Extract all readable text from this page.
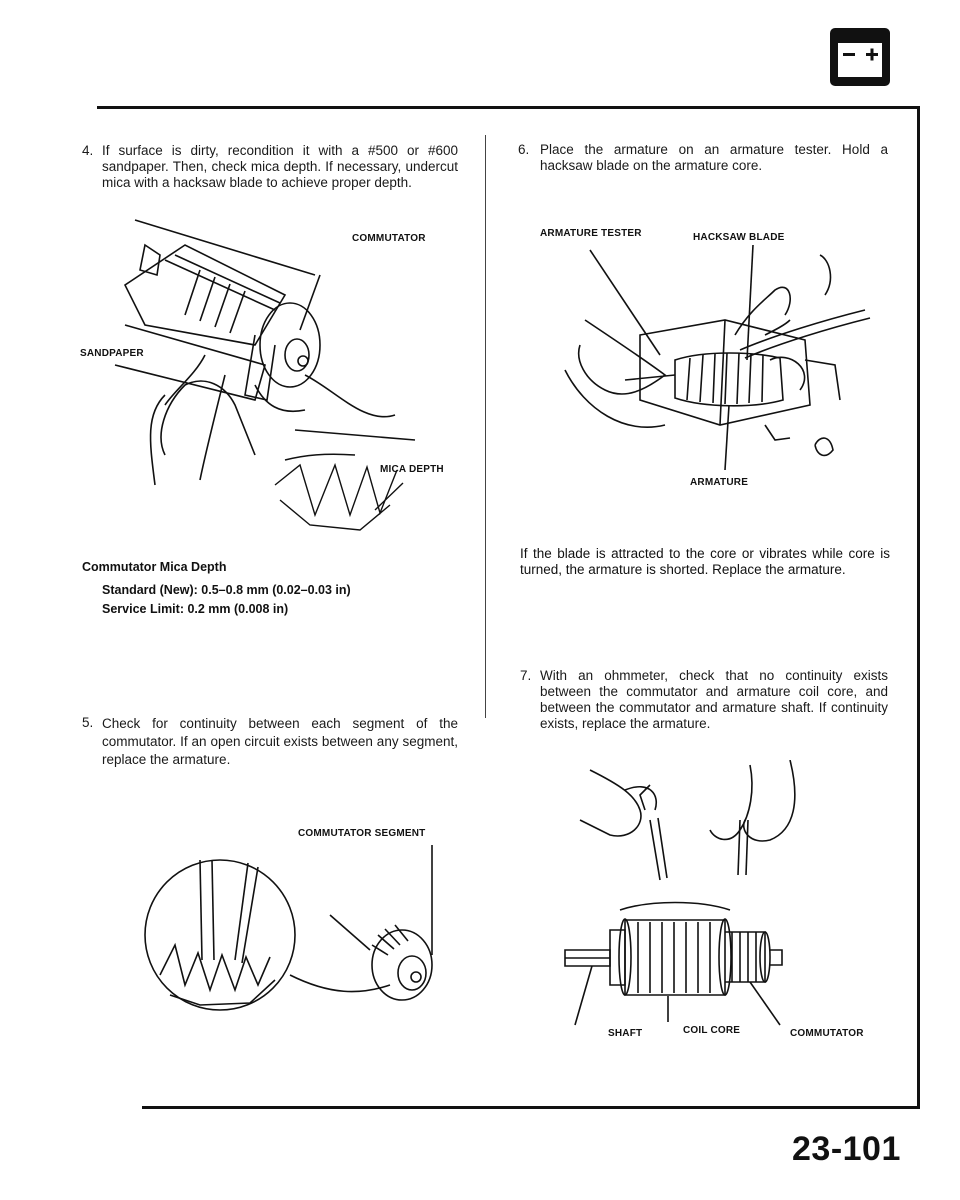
4. If surface is dirty, recondition it with a #500 or #600 sandpaper. Then, check mica depth. If necessary, undercut mica with a hacksaw blade to achieve proper depth.
COMMUTATOR
SANDPAPER
MICA DEPTH
Commutator Mica Depth
Standard (New): 0.5–0.8 mm (0.02–0.03 in)
Service Limit: 0.2 mm (0.008 in)
5. Check for continuity between each segment of the commutator. If an open circuit exists between any segment, replace the armature.
COMMUTATOR SEGMENT
6. Place the armature on an armature tester. Hold a hacksaw blade on the armature core.
ARMATURE TESTER	HACKSAW BLADE
ARMATURE
If the blade is attracted to the core or vibrates while core is turned, the armature is shorted. Replace the armature.
7. With an ohmmeter, check that no continuity exists between the commutator and armature coil core, and between the commutator and armature shaft. If continuity exists, replace the armature.
SHAFT	COIL CORE	COMMUTATOR
23-101
